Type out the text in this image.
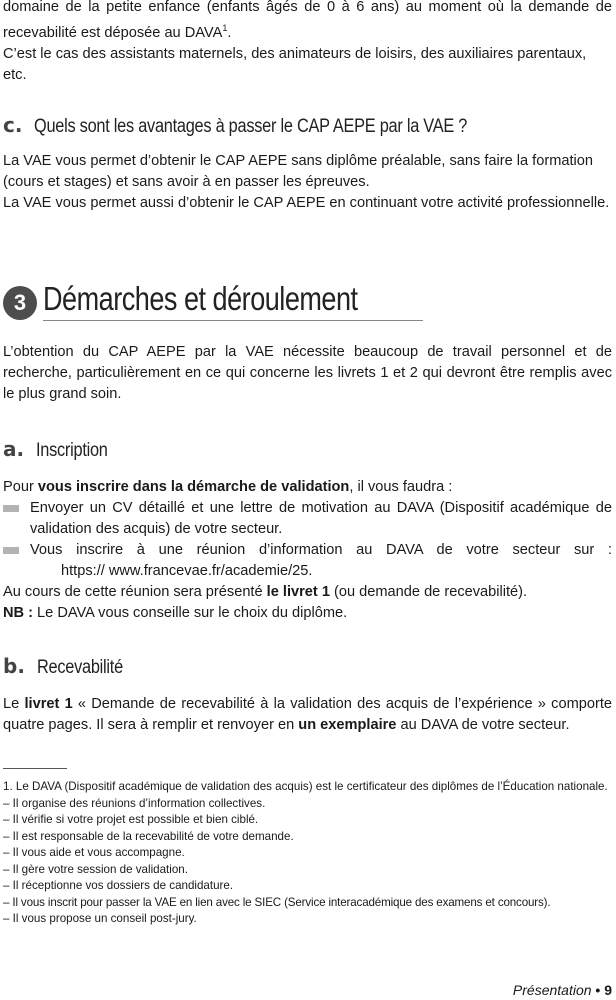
domaine de la petite enfance (enfants âgés de 0 à 6 ans) au moment où la demande de

recevabilité est déposée au DAVA$^1$.

C’est le cas des assistants maternels, des animateurs de loisirs, des auxiliaires parentaux, etc.

c. Quels sont les avantages à passer le CAP AEPE par la VAE ?

La VAE vous permet d’obtenir le CAP AEPE sans diplôme préalable, sans faire la formation (cours et stages) et sans avoir à en passer les épreuves.

La VAE vous permet aussi d’obtenir le CAP AEPE en continuant votre activité professionnelle.

3 Démarches et déroulement

L’obtention du CAP AEPE par la VAE nécessite beaucoup de travail personnel et de recherche, particulièrement en ce qui concerne les livrets 1 et 2 qui devront être remplis avec le plus grand soin.

a. Inscription

Pour vous inscrire dans la démarche de validation, il vous faudra :

Envoyer un CV détaillé et une lettre de motivation au DAVA (Dispositif académique de validation des acquis) de votre secteur.

Vous inscrire à une réunion d’information au DAVA de votre secteur sur :

https:// www.francevae.fr/academie/25.

Au cours de cette réunion sera présenté le livret 1 (ou demande de recevabilité).

NB : Le DAVA vous conseille sur le choix du diplôme.

b. Recevabilité

Le livret 1 « Demande de recevabilité à la validation des acquis de l’expérience » comporte quatre pages. Il sera à remplir et renvoyer en un exemplaire au DAVA de votre secteur.

1. Le DAVA (Dispositif académique de validation des acquis) est le certificateur des diplômes de l’Éducation nationale.

– Il organise des réunions d’information collectives.

– Il vérifie si votre projet est possible et bien ciblé.

– Il est responsable de la recevabilité de votre demande.

– Il vous aide et vous accompagne.

– Il gère votre session de validation.

– Il réceptionne vos dossiers de candidature.

– Il vous inscrit pour passer la VAE en lien avec le SIEC (Service interacadémique des examens et concours).

– Il vous propose un conseil post-jury.

Présentation • 9
